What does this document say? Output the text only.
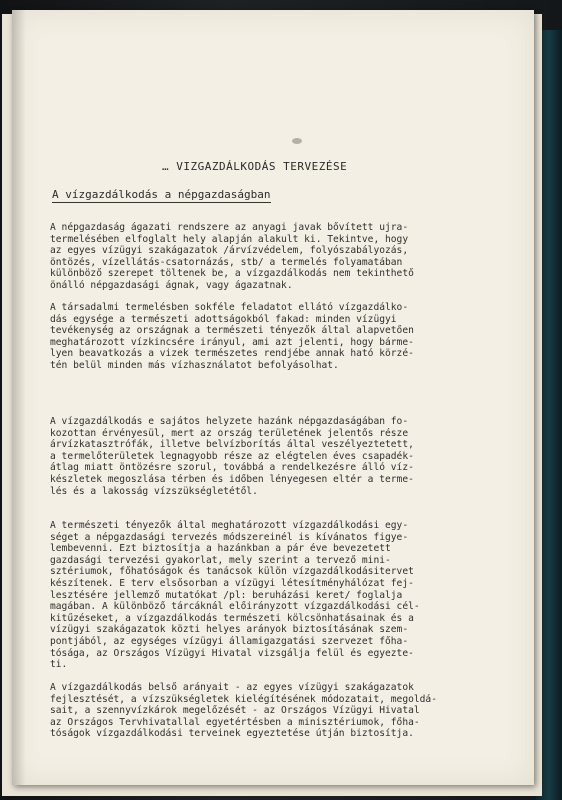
… VIZGAZDÁLKODÁS TERVEZÉSE
A vízgazdálkodás a népgazdaságban
A népgazdaság ágazati rendszere az anyagi javak bővített ujra-
termelésében elfoglalt hely alapján alakult ki. Tekintve, hogy
az egyes vízügyi szakágazatok /árvízvédelem, folyószabályozás,
öntözés, vízellátás-csatornázás, stb/ a termelés folyamatában
különböző szerepet töltenek be, a vízgazdálkodás nem tekinthető
önálló népgazdasági ágnak, vagy ágazatnak.
A társadalmi termelésben sokféle feladatot ellátó vízgazdálko-
dás egysége a természeti adottságokból fakad: minden vízügyi
tevékenység az országnak a természeti tényezők által alapvetően
meghatározott vízkincsére irányul, ami azt jelenti, hogy bárme-
lyen beavatkozás a vizek természetes rendjébe annak ható körzé-
tén belül minden más vízhasználatot befolyásolhat.
A vízgazdálkodás e sajátos helyzete hazánk népgazdaságában fo-
kozottan érvényesül, mert az ország területének jelentős része
árvízkatasztrófák, illetve belvízborítás által veszélyeztetett,
a termelőterületek legnagyobb része az elégtelen éves csapadék-
átlag miatt öntözésre szorul, továbbá a rendelkezésre álló víz-
készletek megoszlása térben és időben lényegesen eltér a terme-
lés és a lakosság vízszükségletétől.
A természeti tényezők által meghatározott vízgazdálkodási egy-
séget a népgazdasági tervezés módszereinél is kívánatos figye-
lembevenni. Ezt biztosítja a hazánkban a pár éve bevezetett
gazdasági tervezési gyakorlat, mely szerint a tervező mini-
sztériumok, főhatóságok és tanácsok külön vízgazdálkodásitervet
készítenek. E terv elsősorban a vízügyi létesítményhálózat fej-
lesztésére jellemző mutatókat /pl: beruházási keret/ foglalja
magában. A különböző tárcáknál előirányzott vízgazdálkodási cél-
kitűzéseket, a vízgazdálkodás természeti kölcsönhatásainak és a
vízügyi szakágazatok közti helyes arányok biztosításának szem-
pontjából, az egységes vízügyi államigazgatási szervezet főha-
tósága, az Országos Vízügyi Hivatal vizsgálja felül és egyezte-
ti.
A vízgazdálkodás belső arányait - az egyes vízügyi szakágazatok
fejlesztését, a vízszükségletek kielégítésének módozatait, megoldá-
sait, a szennyvízkárok megelőzését - az Országos Vízügyi Hivatal
az Országos Tervhivatallal egyetértésben a minisztériumok, főha-
tóságok vízgazdálkodási terveinek egyeztetése útján biztosítja.
